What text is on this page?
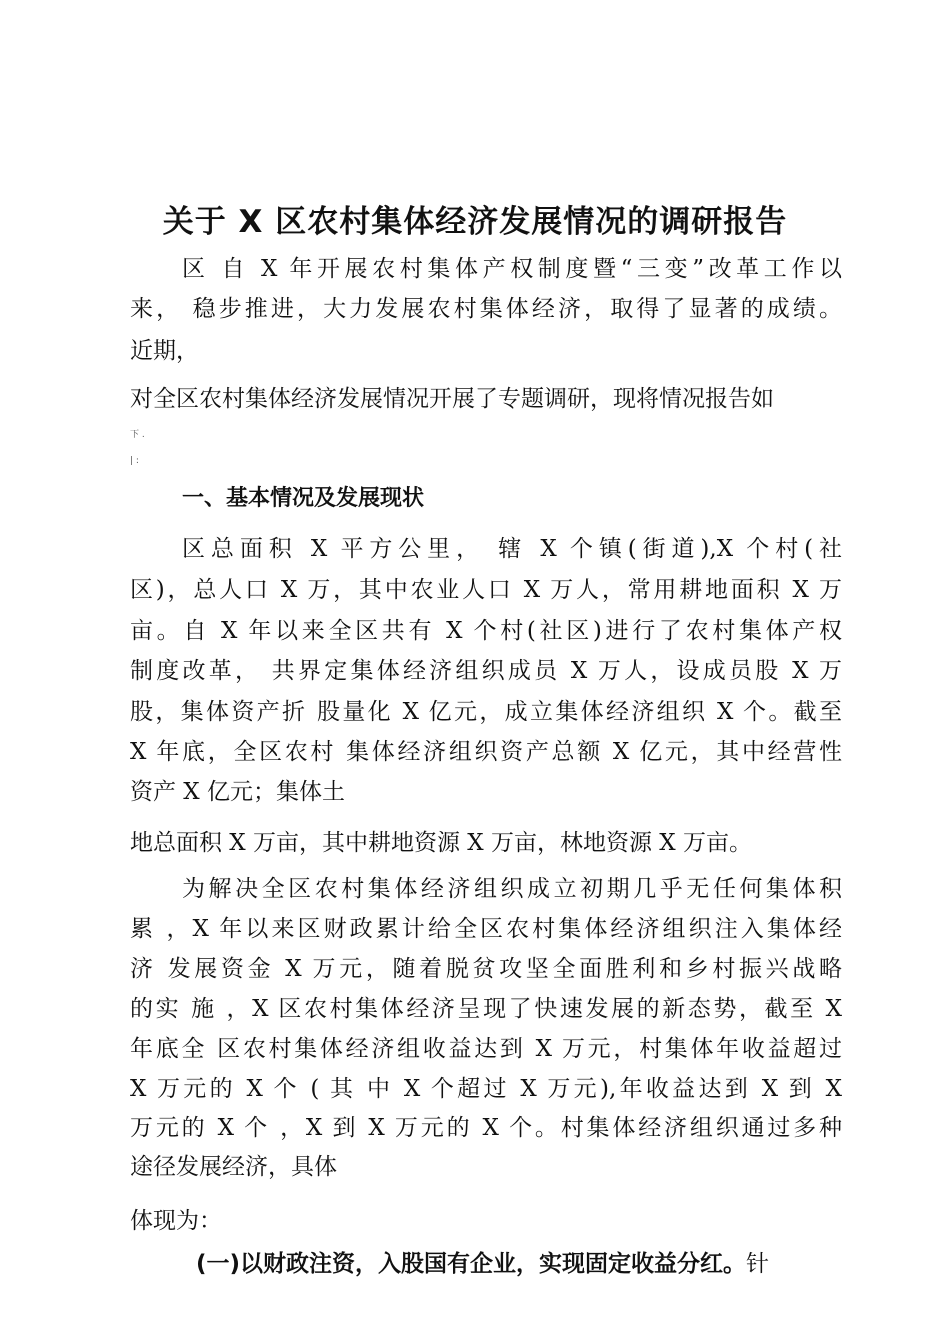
关于 X 区农村集体经济发展情况的调研报告
区 自 X 年开展农村集体产权制度暨“三变”改革工作以
来， 稳步推进，大力发展农村集体经济，取得了显著的成绩。
近期，
对全区农村集体经济发展情况开展了专题调研，现将情况报告如
下 .
| :
一、基本情况及发展现状
区总面积 X 平方公里， 辖 X 个镇(街道),X 个村(社
区)，总人口 X 万，其中农业人口 X 万人，常用耕地面积 X 万
亩。自 X 年以来全区共有 X 个村(社区)进行了农村集体产权
制度改革， 共界定集体经济组织成员 X 万人，设成员股 X 万
股，集体资产折 股量化 X 亿元，成立集体经济组织 X 个。截至
X 年底，全区农村 集体经济组织资产总额 X 亿元，其中经营性
资产 X 亿元；集体土
地总面积 X 万亩，其中耕地资源 X 万亩，林地资源 X 万亩。
为解决全区农村集体经济组织成立初期几乎无任何集体积
累 ，X 年以来区财政累计给全区农村集体经济组织注入集体经
济 发展资金 X 万元，随着脱贫攻坚全面胜利和乡村振兴战略
的实 施 ，X 区农村集体经济呈现了快速发展的新态势，截至 X
年底全 区农村集体经济组收益达到 X 万元，村集体年收益超过
X 万元的 X 个 ( 其 中 X 个超过 X 万元),年收益达到 X 到 X
万元的 X 个 ，X 到 X 万元的 X 个。村集体经济组织通过多种
途径发展经济，具体
体现为：
(一)以财政注资，入股国有企业，实现固定收益分红。针
